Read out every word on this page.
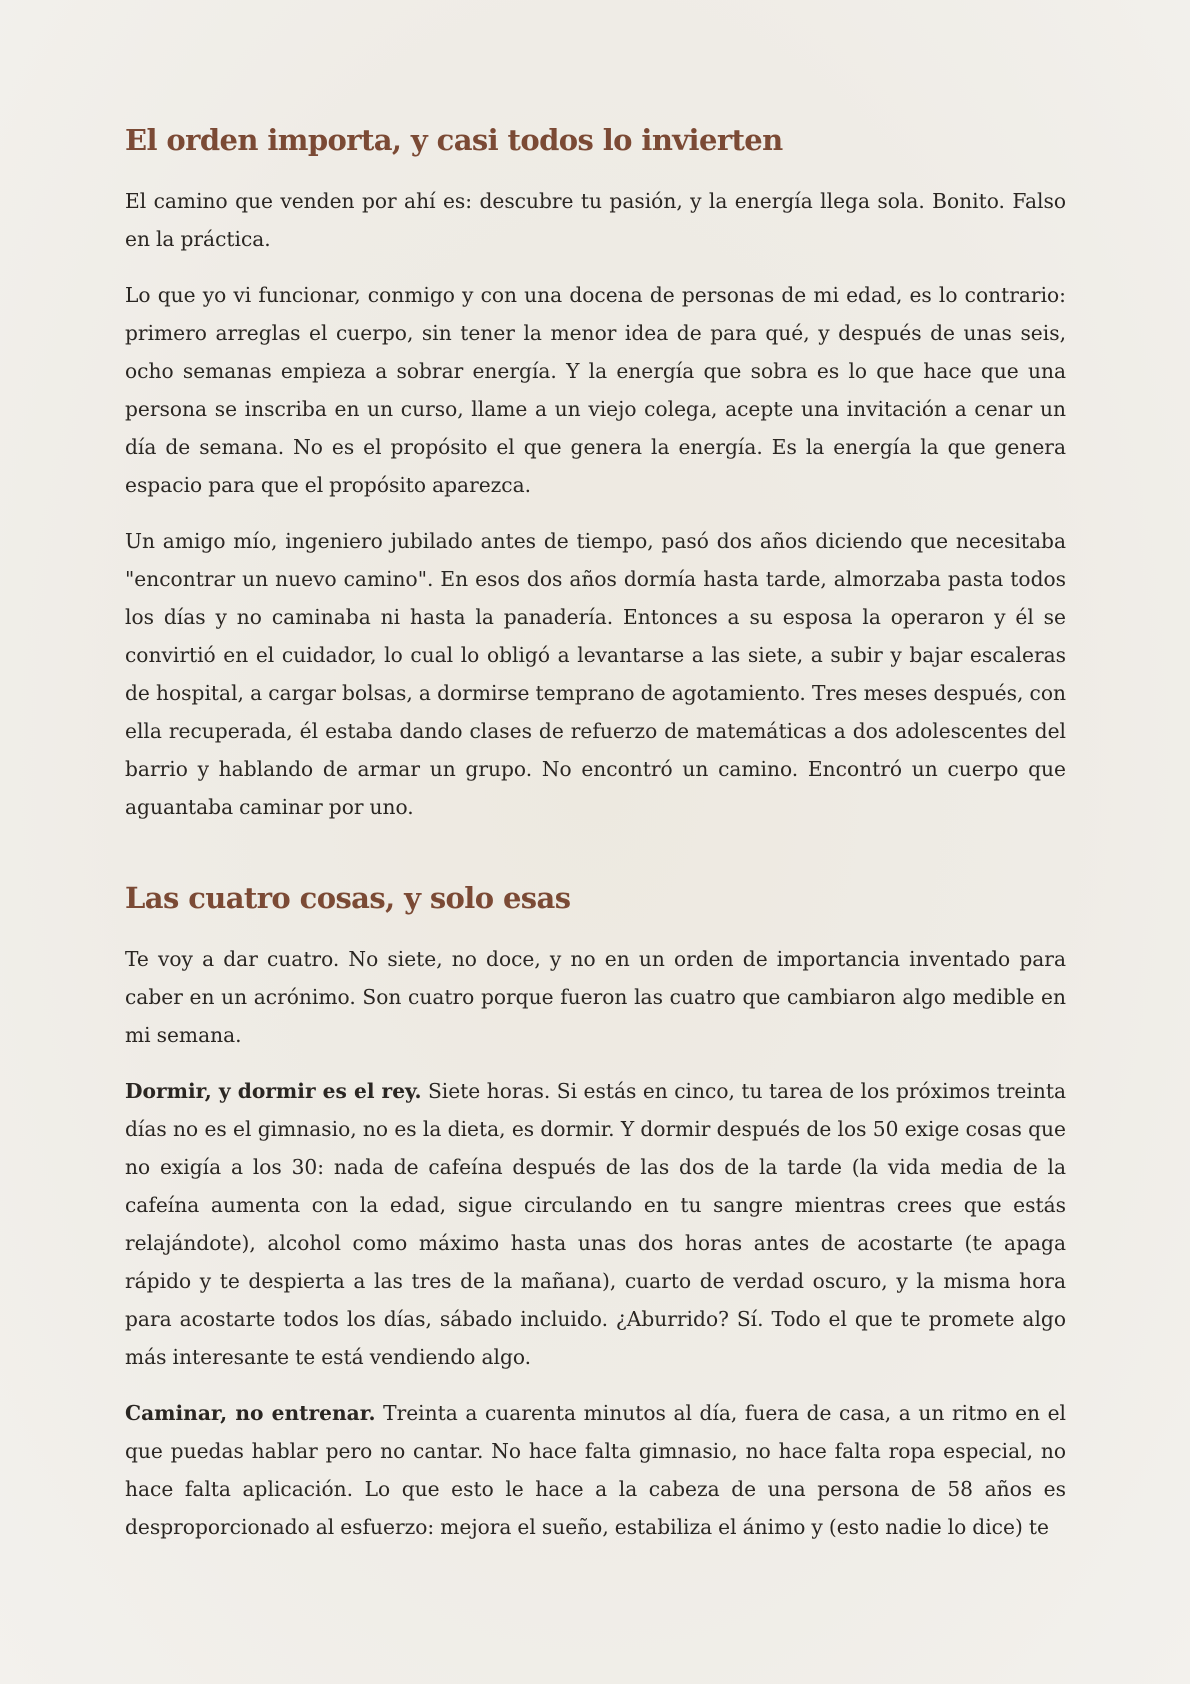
El orden importa, y casi todos lo invierten

El camino que venden por ahí es: descubre tu pasión, y la energía llega sola. Bonito. Falso en la práctica.

Lo que yo vi funcionar, conmigo y con una docena de personas de mi edad, es lo contrario: primero arreglas el cuerpo, sin tener la menor idea de para qué, y después de unas seis, ocho semanas empieza a sobrar energía. Y la energía que sobra es lo que hace que una persona se inscriba en un curso, llame a un viejo colega, acepte una invitación a cenar un día de semana. No es el propósito el que genera la energía. Es la energía la que genera espacio para que el propósito aparezca.

Un amigo mío, ingeniero jubilado antes de tiempo, pasó dos años diciendo que necesitaba "encontrar un nuevo camino". En esos dos años dormía hasta tarde, almorzaba pasta todos los días y no caminaba ni hasta la panadería. Entonces a su esposa la operaron y él se convirtió en el cuidador, lo cual lo obligó a levantarse a las siete, a subir y bajar escaleras de hospital, a cargar bolsas, a dormirse temprano de agotamiento. Tres meses después, con ella recuperada, él estaba dando clases de refuerzo de matemáticas a dos adolescentes del barrio y hablando de armar un grupo. No encontró un camino. Encontró un cuerpo que aguantaba caminar por uno.

Las cuatro cosas, y solo esas

Te voy a dar cuatro. No siete, no doce, y no en un orden de importancia inventado para caber en un acrónimo. Son cuatro porque fueron las cuatro que cambiaron algo medible en mi semana.

Dormir, y dormir es el rey. Siete horas. Si estás en cinco, tu tarea de los próximos treinta días no es el gimnasio, no es la dieta, es dormir. Y dormir después de los 50 exige cosas que no exigía a los 30: nada de cafeína después de las dos de la tarde (la vida media de la cafeína aumenta con la edad, sigue circulando en tu sangre mientras crees que estás relajándote), alcohol como máximo hasta unas dos horas antes de acostarte (te apaga rápido y te despierta a las tres de la mañana), cuarto de verdad oscuro, y la misma hora para acostarte todos los días, sábado incluido. ¿Aburrido? Sí. Todo el que te promete algo más interesante te está vendiendo algo.

Caminar, no entrenar. Treinta a cuarenta minutos al día, fuera de casa, a un ritmo en el que puedas hablar pero no cantar. No hace falta gimnasio, no hace falta ropa especial, no hace falta aplicación. Lo que esto le hace a la cabeza de una persona de 58 años es desproporcionado al esfuerzo: mejora el sueño, estabiliza el ánimo y (esto nadie lo dice) te
